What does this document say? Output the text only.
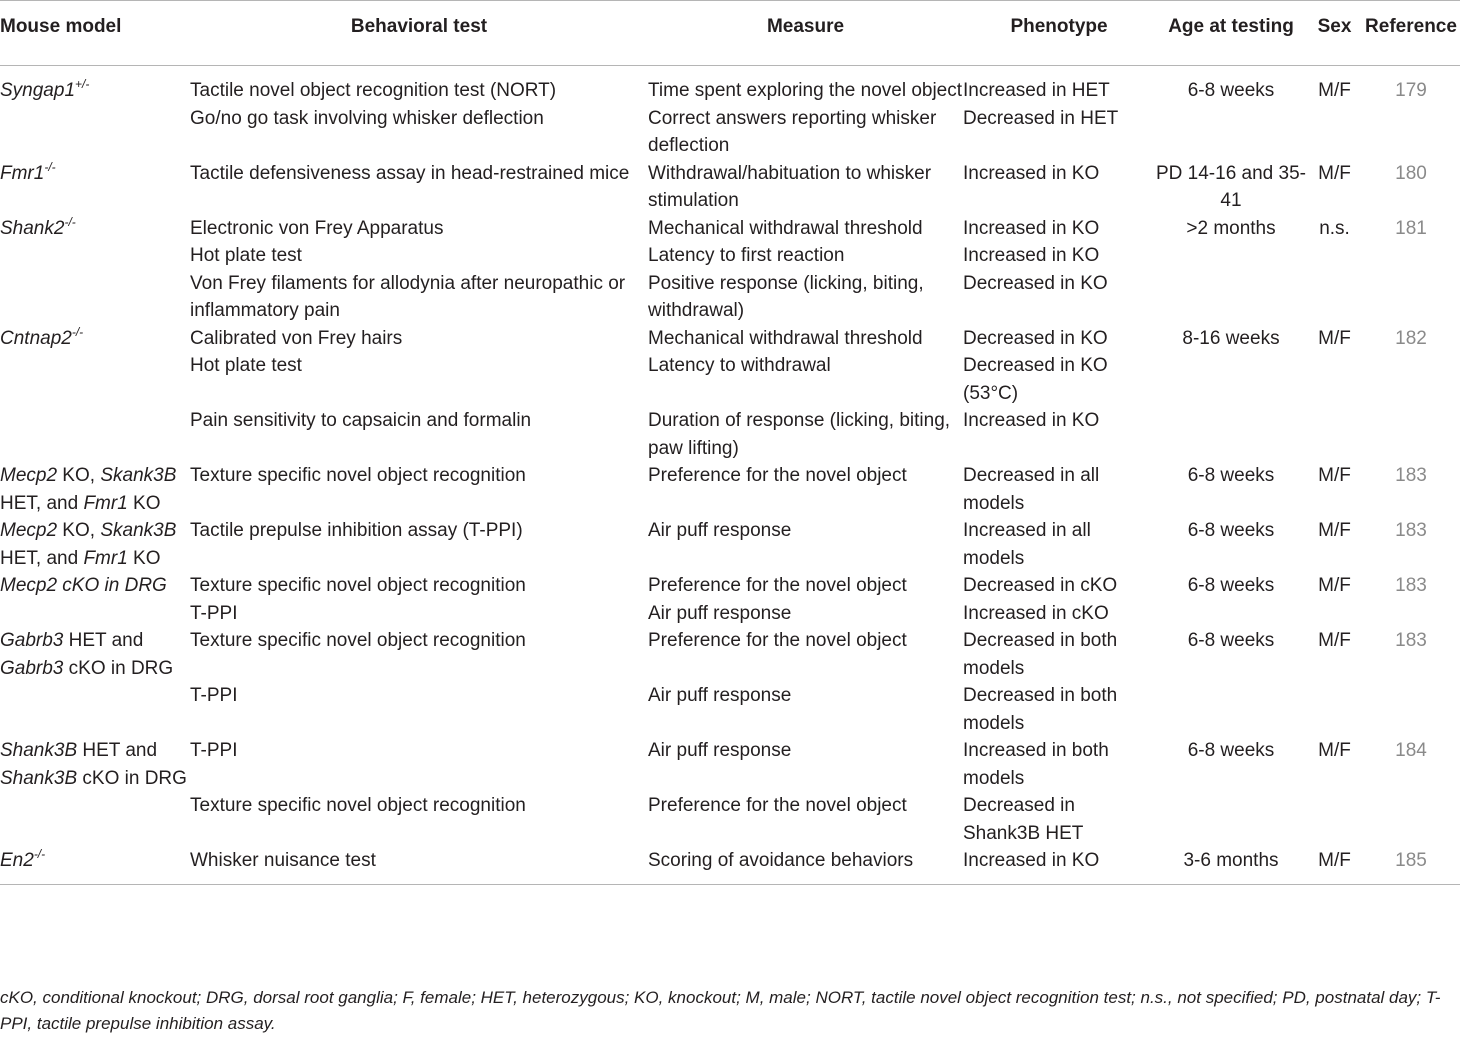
Mouse model	Behavioral test	Measure	Phenotype	Age at testing	Sex	Reference
Syngap1+/-	Tactile novel object recognition test (NORT)	Time spent exploring the novel object	Increased in HET	6-8 weeks	M/F	179
	Go/no go task involving whisker deflection	Correct answers reporting whisker deflection	Decreased in HET			
Fmr1-/-	Tactile defensiveness assay in head-restrained mice	Withdrawal/habituation to whisker stimulation	Increased in KO	PD 14-16 and 35-41	M/F	180
Shank2-/-	Electronic von Frey Apparatus	Mechanical withdrawal threshold	Increased in KO	>2 months	n.s.	181
	Hot plate test	Latency to first reaction	Increased in KO			
	Von Frey filaments for allodynia after neuropathic or inflammatory pain	Positive response (licking, biting, withdrawal)	Decreased in KO			
Cntnap2-/-	Calibrated von Frey hairs	Mechanical withdrawal threshold	Decreased in KO	8-16 weeks	M/F	182
	Hot plate test	Latency to withdrawal	Decreased in KO (53°C)			
	Pain sensitivity to capsaicin and formalin	Duration of response (licking, biting, paw lifting)	Increased in KO			
Mecp2 KO, Skank3B HET, and Fmr1 KO	Texture specific novel object recognition	Preference for the novel object	Decreased in all models	6-8 weeks	M/F	183
Mecp2 KO, Skank3B HET, and Fmr1 KO	Tactile prepulse inhibition assay (T-PPI)	Air puff response	Increased in all models	6-8 weeks	M/F	183
Mecp2 cKO in DRG	Texture specific novel object recognition	Preference for the novel object	Decreased in cKO	6-8 weeks	M/F	183
	T-PPI	Air puff response	Increased in cKO			
Gabrb3 HET and Gabrb3 cKO in DRG	Texture specific novel object recognition	Preference for the novel object	Decreased in both models	6-8 weeks	M/F	183
	T-PPI	Air puff response	Decreased in both models			
Shank3B HET and Shank3B cKO in DRG	T-PPI	Air puff response	Increased in both models	6-8 weeks	M/F	184
	Texture specific novel object recognition	Preference for the novel object	Decreased in Shank3B HET			
En2-/-	Whisker nuisance test	Scoring of avoidance behaviors	Increased in KO	3-6 months	M/F	185
cKO, conditional knockout; DRG, dorsal root ganglia; F, female; HET, heterozygous; KO, knockout; M, male; NORT, tactile novel object recognition test; n.s., not specified; PD, postnatal day; T-PPI, tactile prepulse inhibition assay.
